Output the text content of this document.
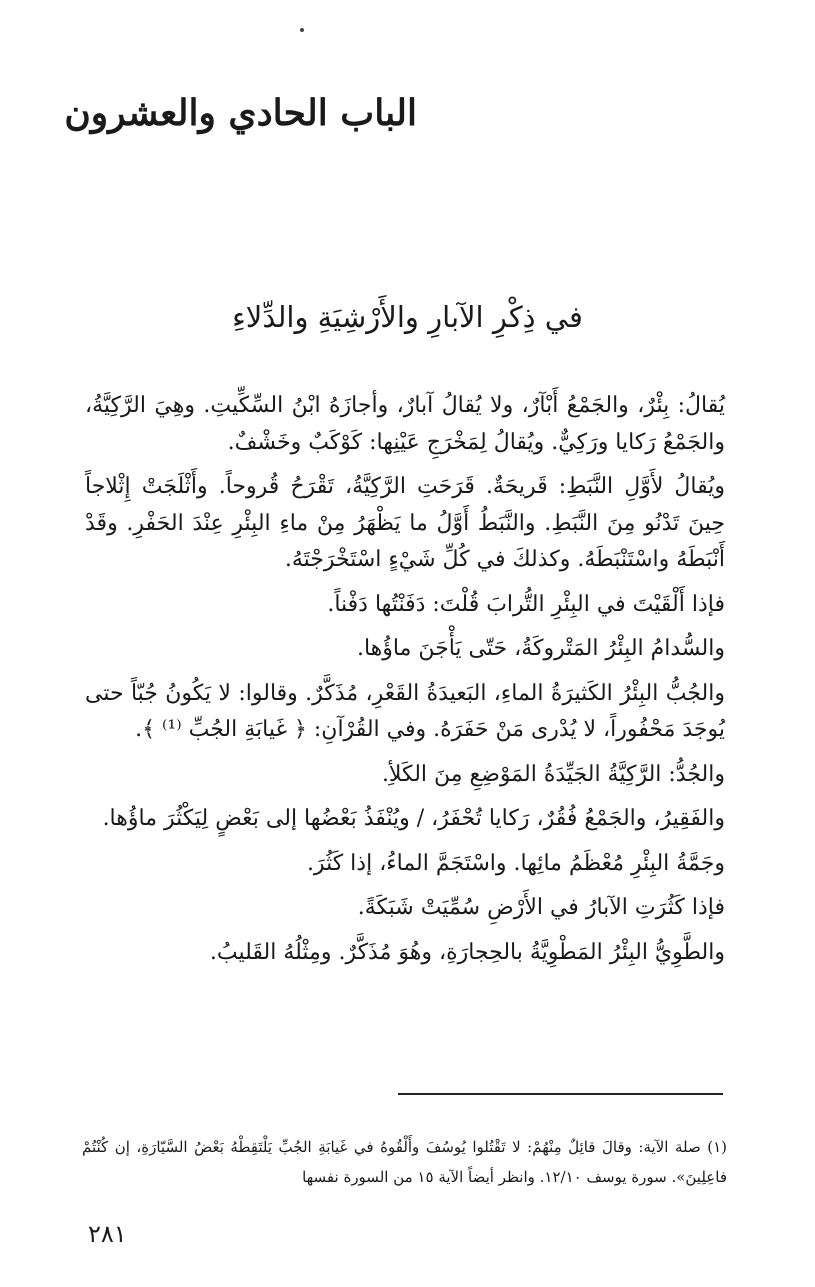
الباب الحادي والعشرون
في ذِكْرِ الآبارِ والأَرْشِيَةِ والدِّلاءِ

يُقالُ: بِئْرٌ، والجَمْعُ أَبْآرٌ، ولا يُقالُ آبارٌ، وأجازَهُ ابْنُ السِّكِّيتِ. وهِيَ الرَّكِيَّةُ، والجَمْعُ رَكايا ورَكِيٌّ. ويُقالُ لِمَخْرَجِ عَيْنِها: كَوْكَبٌ وخَشْفٌ.

ويُقالُ لأَوَّلِ النَّبَطِ: قَريحَةٌ. قَرَحَتِ الرَّكِيَّةُ، تَقْرَحُ قُروحاً. وأَثْلَجَتْ إِثْلاجاً حِينَ تَدْنُو مِنَ النَّبَطِ. والنَّبَطُ أَوَّلُ ما يَظْهَرُ مِنْ ماءِ البِئْرِ عِنْدَ الحَفْرِ. وقَدْ أَنْبَطَهُ واسْتَنْبَطَهُ. وكذلكَ في كُلِّ شَيْءٍ اسْتَخْرَجْتَهُ.

فإذا أَلْقَيْتَ في البِئْرِ التُّرابَ قُلْتَ: دَفَنْتُها دَفْناً.

والسُّدامُ البِئْرُ المَتْروكَةُ، حَتّى يَأْجَنَ ماؤُها.

والجُبُّ البِئْرُ الكَثيرَةُ الماءِ، البَعيدَةُ القَعْرِ، مُذَكَّرٌ. وقالوا: لا يَكُونُ جُبّاً حتى يُوجَدَ مَحْفُوراً، لا يُدْرى مَنْ حَفَرَهُ. وفي القُرْآنِ: ﴿ غَيابَةِ الجُبِّ ⁽¹⁾ ﴾.

والجُدُّ: الرَّكِيَّةُ الجَيِّدَةُ المَوْضِعِ مِنَ الكَلأِ.

والفَقِيرُ، والجَمْعُ فُقُرٌ، رَكايا تُحْفَرُ، / ويُنْفَذُ بَعْضُها إلى بَعْضٍ لِيَكْثُرَ ماؤُها.

وجَمَّةُ البِئْرِ مُعْظَمُ مائِها. واسْتَجَمَّ الماءُ، إذا كَثُرَ.

فإذا كَثُرَتِ الآبارُ في الأَرْضِ سُمِّيَتْ شَبَكَةً.

والطَّوِيُّ البِئْرُ المَطْوِيَّةُ بالحِجارَةِ، وهُوَ مُذَكَّرٌ. ومِثْلُهُ القَليبُ.

(١) صلة الآية: وقالَ قائِلٌ مِنْهُمْ: لا تَقْتُلوا يُوسُفَ وأَلْقُوهُ في غَيابَةِ الجُبِّ يَلْتَقِطْهُ بَعْضُ السَّيّارَةِ، إن كُنْتُمْ فاعِلِينَ». سورة يوسف ١٢/١٠. وانظر أيضاً الآية ١٥ من السورة نفسها

٢٨١
